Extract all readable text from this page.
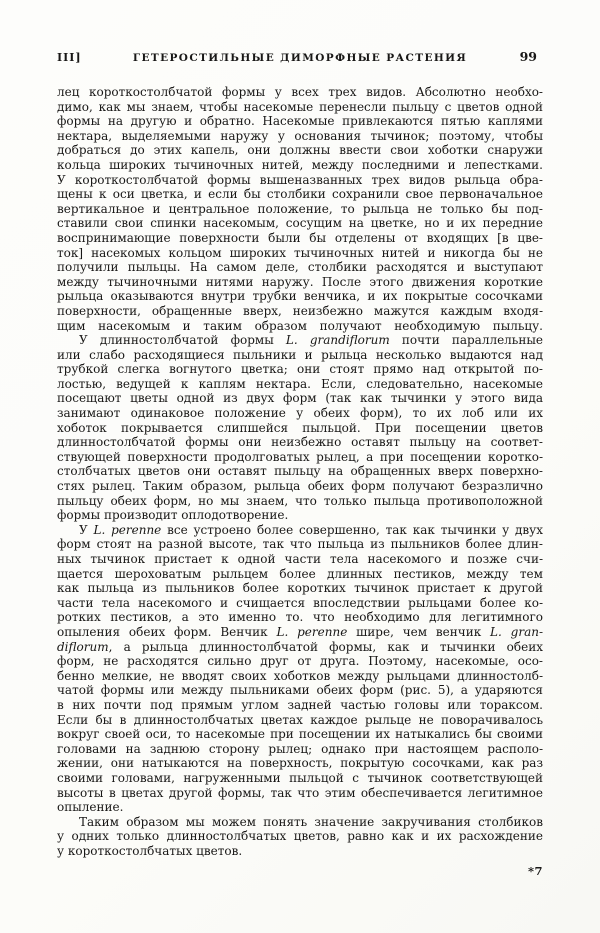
III]	ГЕТЕРОСТИЛЬНЫЕ ДИМОРФНЫЕ РАСТЕНИЯ	99
лец короткостолбчатой формы у всех трех видов. Абсолютно необхо-
димо, как мы знаем, чтобы насекомые перенесли пыльцу с цветов одной
формы на другую и обратно. Насекомые привлекаются пятью каплями
нектара, выделяемыми наружу у основания тычинок; поэтому, чтобы
добраться до этих капель, они должны ввести свои хоботки снаружи
кольца широких тычиночных нитей, между последними и лепестками.
У короткостолбчатой формы вышеназванных трех видов рыльца обра-
щены к оси цветка, и если бы столбики сохранили свое первоначальное
вертикальное и центральное положение, то рыльца не только бы под-
ставили свои спинки насекомым, сосущим на цветке, но и их передние
воспринимающие поверхности были бы отделены от входящих [в цве-
ток] насекомых кольцом широких тычиночных нитей и никогда бы не
получили пыльцы. На самом деле, столбики расходятся и выступают
между тычиночными нитями наружу. После этого движения короткие
рыльца оказываются внутри трубки венчика, и их покрытые сосочками
поверхности, обращенные вверх, неизбежно мажутся каждым входя-
щим насекомым и таким образом получают необходимую пыльцу.
У длинностолбчатой формы L. grandiflorum почти параллельные
или слабо расходящиеся пыльники и рыльца несколько выдаются над
трубкой слегка вогнутого цветка; они стоят прямо над открытой по-
лостью, ведущей к каплям нектара. Если, следовательно, насекомые
посещают цветы одной из двух форм (так как тычинки у этого вида
занимают одинаковое положение у обеих форм), то их лоб или их
хоботок покрывается слипшейся пыльцой. При посещении цветов
длинностолбчатой формы они неизбежно оставят пыльцу на соответ-
ствующей поверхности продолговатых рылец, а при посещении коротко-
столбчатых цветов они оставят пыльцу на обращенных вверх поверхно-
стях рылец. Таким образом, рыльца обеих форм получают безразлично
пыльцу обеих форм, но мы знаем, что только пыльца противоположной
формы производит оплодотворение.
У L. perenne все устроено более совершенно, так как тычинки у двух
форм стоят на разной высоте, так что пыльца из пыльников более длин-
ных тычинок пристает к одной части тела насекомого и позже счи-
щается шероховатым рыльцем более длинных пестиков, между тем
как пыльца из пыльников более коротких тычинок пристает к другой
части тела насекомого и счищается впоследствии рыльцами более ко-
ротких пестиков, а это именно то. что необходимо для легитимного
опыления обеих форм. Венчик L. perenne шире, чем венчик L. gran-
diflorum, а рыльца длинностолбчатой формы, как и тычинки обеих
форм, не расходятся сильно друг от друга. Поэтому, насекомые, осо-
бенно мелкие, не вводят своих хоботков между рыльцами длинностолб-
чатой формы или между пыльниками обеих форм (рис. 5), а ударяются
в них почти под прямым углом задней частью головы или тораксом.
Если бы в длинностолбчатых цветах каждое рыльце не поворачивалось
вокруг своей оси, то насекомые при посещении их натыкались бы своими
головами на заднюю сторону рылец; однако при настоящем располо-
жении, они натыкаются на поверхность, покрытую сосочками, как раз
своими головами, нагруженными пыльцой с тычинок соответствующей
высоты в цветах другой формы, так что этим обеспечивается легитимное
опыление.
Таким образом мы можем понять значение закручивания столбиков
у одних только длинностолбчатых цветов, равно как и их расхождение
у короткостолбчатых цветов.
*7
